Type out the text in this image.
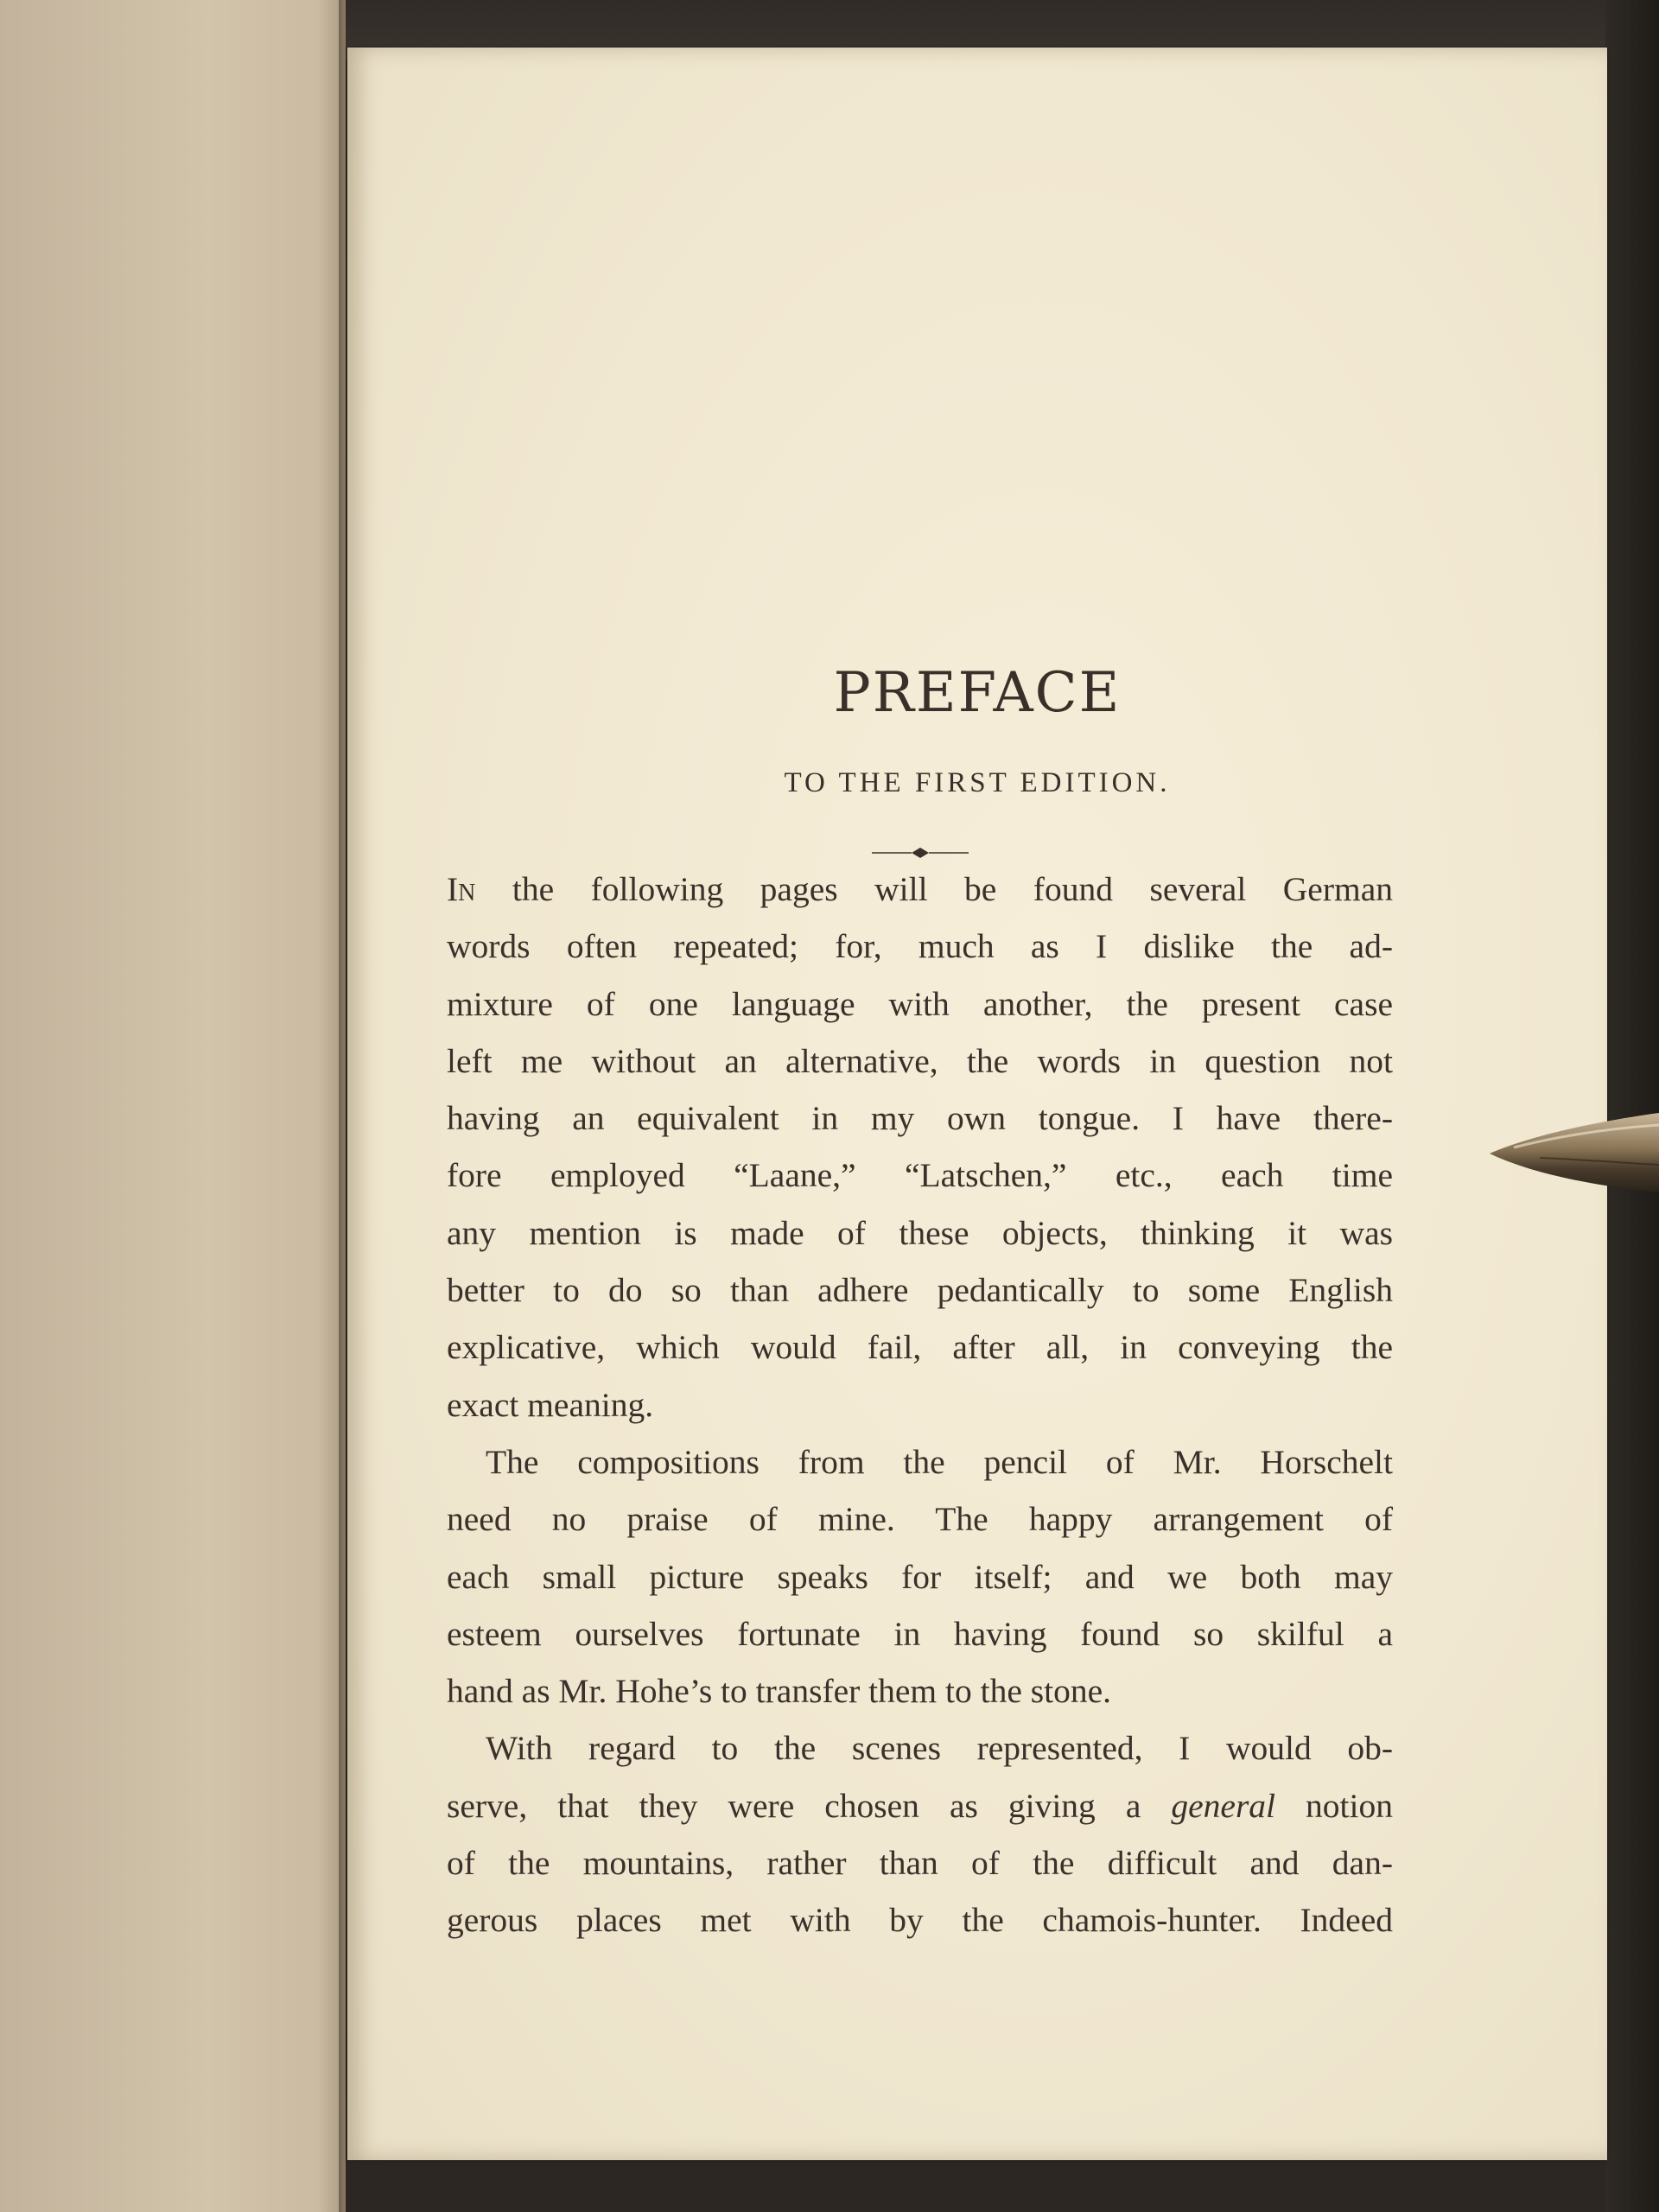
PREFACE
TO THE FIRST EDITION.

In the following pages will be found several German
words often repeated; for, much as I dislike the ad-
mixture of one language with another, the present case
left me without an alternative, the words in question not
having an equivalent in my own tongue. I have there-
fore employed “Laane,” “Latschen,” etc., each time
any mention is made of these objects, thinking it was
better to do so than adhere pedantically to some English
explicative, which would fail, after all, in conveying the
exact meaning.

The compositions from the pencil of Mr. Horschelt
need no praise of mine. The happy arrangement of
each small picture speaks for itself; and we both may
esteem ourselves fortunate in having found so skilful a
hand as Mr. Hohe’s to transfer them to the stone.

With regard to the scenes represented, I would ob-
serve, that they were chosen as giving a general notion
of the mountains, rather than of the difficult and dan-
gerous places met with by the chamois-hunter. Indeed
